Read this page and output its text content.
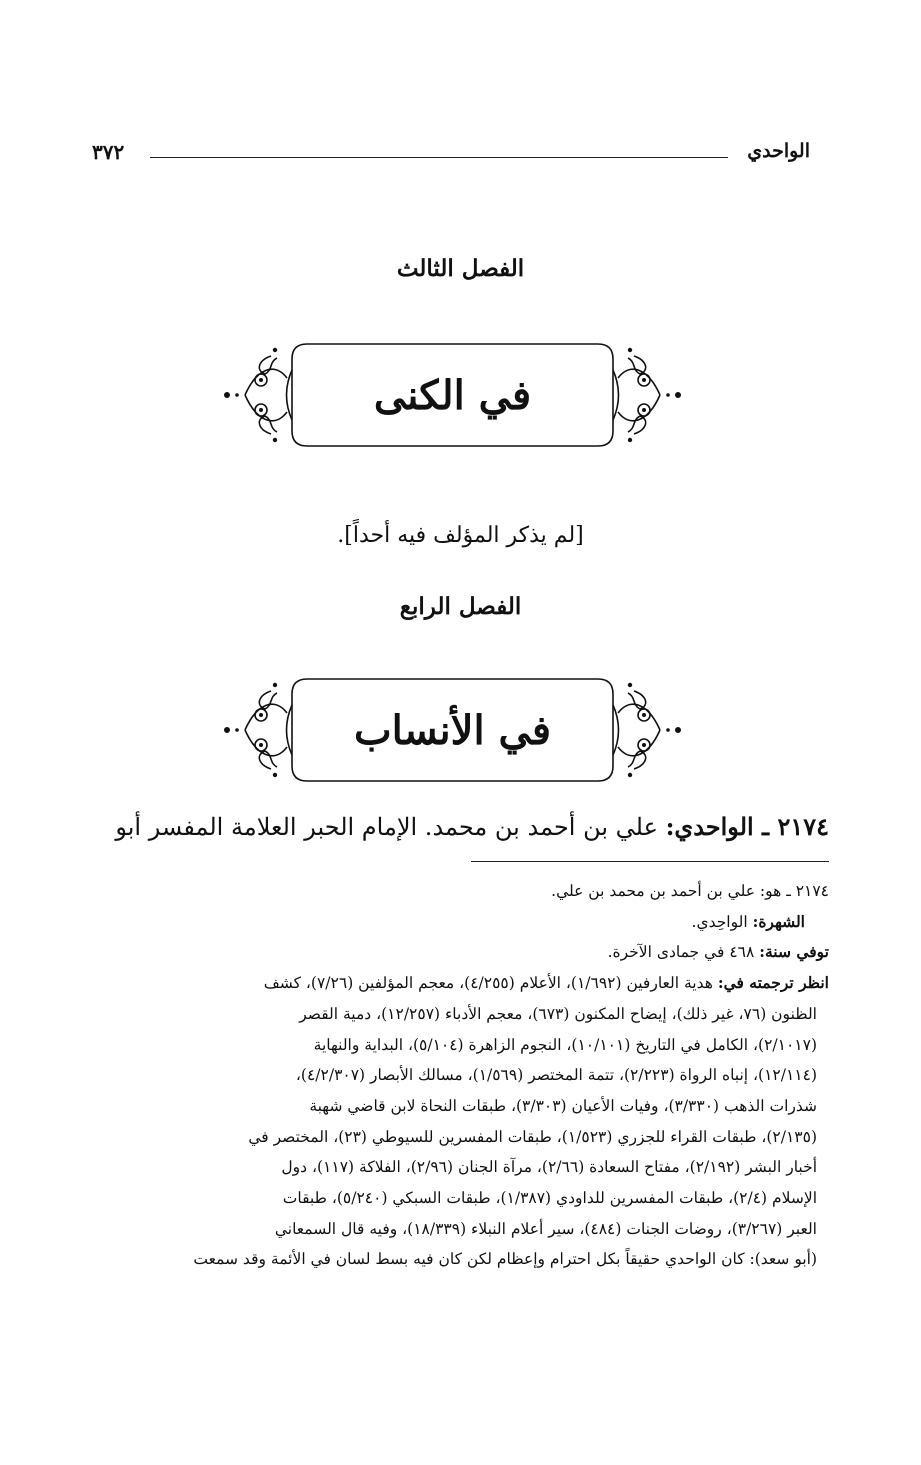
الواحدي
٣٧٢
الفصل الثالث
في الكنى
[لم يذكر المؤلف فيه أحداً].
الفصل الرابع
في الأنساب
٢١٧٤ ـ الواحدي: علي بن أحمد بن محمد. الإمام الحبر العلامة المفسر أبو
٢١٧٤ ـ هو: علي بن أحمد بن محمد بن علي.
الشهرة: الواحِدي.
توفي سنة: ٤٦٨ في جمادى الآخرة.
انظر ترجمته في: هدية العارفين (١/٦٩٢)، الأعلام (٤/٢٥٥)، معجم المؤلفين (٧/٢٦)، كشف
الظنون (٧٦، غير ذلك)، إيضاح المكنون (٦٧٣)، معجم الأدباء (١٢/٢٥٧)، دمية القصر
(٢/١٠١٧)، الكامل في التاريخ (١٠/١٠١)، النجوم الزاهرة (٥/١٠٤)، البداية والنهاية
(١٢/١١٤)، إنباه الرواة (٢/٢٢٣)، تتمة المختصر (١/٥٦٩)، مسالك الأبصار (٤/٢/٣٠٧)،
شذرات الذهب (٣/٣٣٠)، وفيات الأعيان (٣/٣٠٣)، طبقات النحاة لابن قاضي شهبة
(٢/١٣٥)، طبقات القراء للجزري (١/٥٢٣)، طبقات المفسرين للسيوطي (٢٣)، المختصر في
أخبار البشر (٢/١٩٢)، مفتاح السعادة (٢/٦٦)، مرآة الجنان (٢/٩٦)، الفلاكة (١١٧)، دول
الإسلام (٢/٤)، طبقات المفسرين للداودي (١/٣٨٧)، طبقات السبكي (٥/٢٤٠)، طبقات
العبر (٣/٢٦٧)، روضات الجنات (٤٨٤)، سير أعلام النبلاء (١٨/٣٣٩)، وفيه قال السمعاني
(أبو سعد): كان الواحدي حقيقاً بكل احترام وإعظام لكن كان فيه بسط لسان في الأئمة وقد سمعت
